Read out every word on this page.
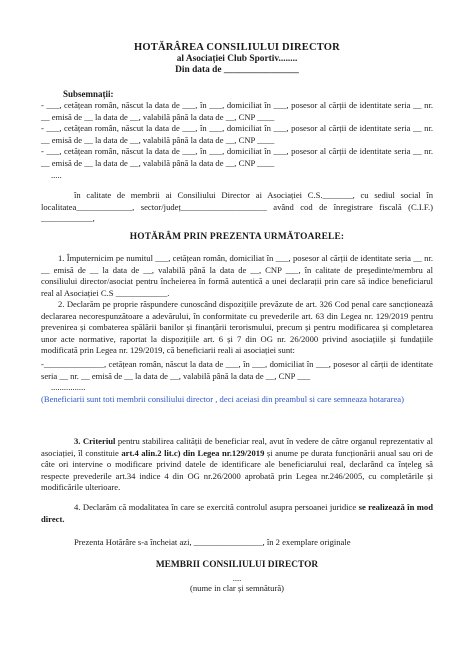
HOTĂRÂREA CONSILIULUI DIRECTOR
al Asociației Club Sportiv........
Din data de ________________

Subsemnații:

- ___, cetățean român, născut la data de ___, în ___, domiciliat în ___, posesor al cărții de identitate seria __ nr. __ emisă de __ la data de __, valabilă până la data de __, CNP ____

- ___, cetățean român, născut la data de ___, în ___, domiciliat în ___, posesor al cărții de identitate seria __ nr. __ emisă de __ la data de __, valabilă până la data de __, CNP ____

- ___, cetățean român, născut la data de ___, în ___, domiciliat în ___, posesor al cărții de identitate seria __ nr. __ emisă de __ la data de __, valabilă până la data de __, CNP ____

.....

în calitate de membrii ai Consiliului Director ai Asociației C.S._______, cu sediul social în localitatea_____________, sector/județ____________________ având cod de înregistrare fiscală (C.I.F.) ____________,

HOTĂRÂM PRIN PREZENTA URMĂTOARELE:

1. Împuternicim pe numitul ___, cetățean român, domiciliat în ___, posesor al cărții de identitate seria __ nr. __ emisă de __ la data de __, valabilă până la data de __, CNP ___, în calitate de președinte/membru al consiliului director/asociat pentru încheierea în formă autentică a unei declarații prin care să indice beneficiarul real al Asociației C.S ____________.

2. Declarăm pe proprie răspundere cunoscând dispozițiile prevăzute de art. 326 Cod penal care sancționează declararea necorespunzătoare a adevărului, în conformitate cu prevederile art. 63 din Legea nr. 129/2019 pentru prevenirea și combaterea spălării banilor și finanțării terorismului, precum și pentru modificarea și completarea unor acte normative, raportat la dispozițiile art. 6 și 7 din OG nr. 26/2000 privind asociațiile și fundațiile modificată prin Legea nr. 129/2019, că beneficiarii reali ai asociației sunt:

-______________, cetățean român, născut la data de ___, în ___, domiciliat în ___, posesor al cărții de identitate seria __ nr. __ emisă de __ la data de __, valabilă până la data de __, CNP ___

................

(Beneficiarii sunt toti membrii consiliului director , deci aceiasi din preambul si care semneaza hotararea)

3. Criteriul pentru stabilirea calității de beneficiar real, avut în vedere de către organul reprezentativ al asociației, îl constituie art.4 alin.2 lit.c) din Legea nr.129/2019 și anume pe durata funcționării anual sau ori de câte ori intervine o modificare privind datele de identificare ale beneficiarului real, declarând ca înțeleg să respecte prevederile art.34 indice 4 din OG nr.26/2000 aprobată prin Legea nr.246/2005, cu completările și modificările ulterioare.

4. Declarăm că modalitatea în care se exercită controlul asupra persoanei juridice se realizează în mod direct.

Prezenta Hotărâre s-a încheiat azi, ________________, în 2 exemplare originale

MEMBRII CONSILIULUI DIRECTOR
....
(nume in clar și semnătură)
